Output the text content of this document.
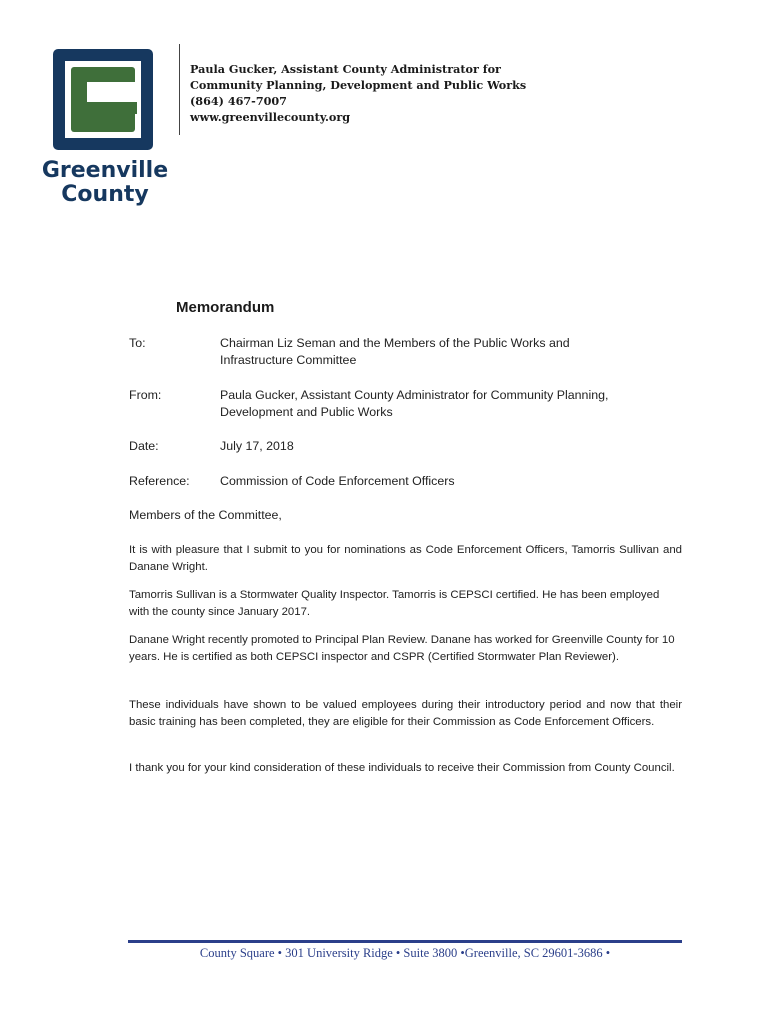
Greenville
County
Paula Gucker, Assistant County Administrator for
Community Planning, Development and Public Works
(864) 467-7007
www.greenvillecounty.org
Memorandum
To:	Chairman Liz Seman and the Members of the Public Works and
Infrastructure Committee
From:	Paula Gucker, Assistant County Administrator for Community Planning,
Development and Public Works
Date:	July 17, 2018
Reference:	Commission of Code Enforcement Officers
Members of the Committee,
It is with pleasure that I submit to you for nominations as Code Enforcement Officers, Tamorris Sullivan and Danane Wright.
Tamorris Sullivan is a Stormwater Quality Inspector. Tamorris is CEPSCI certified. He has been employed with the county since January 2017.
Danane Wright recently promoted to Principal Plan Review. Danane has worked for Greenville County for 10 years. He is certified as both CEPSCI inspector and CSPR (Certified Stormwater Plan Reviewer).
These individuals have shown to be valued employees during their introductory period and now that their basic training has been completed, they are eligible for their Commission as Code Enforcement Officers.
I thank you for your kind consideration of these individuals to receive their Commission from County Council.
County Square • 301 University Ridge • Suite 3800 •Greenville, SC 29601-3686 •
